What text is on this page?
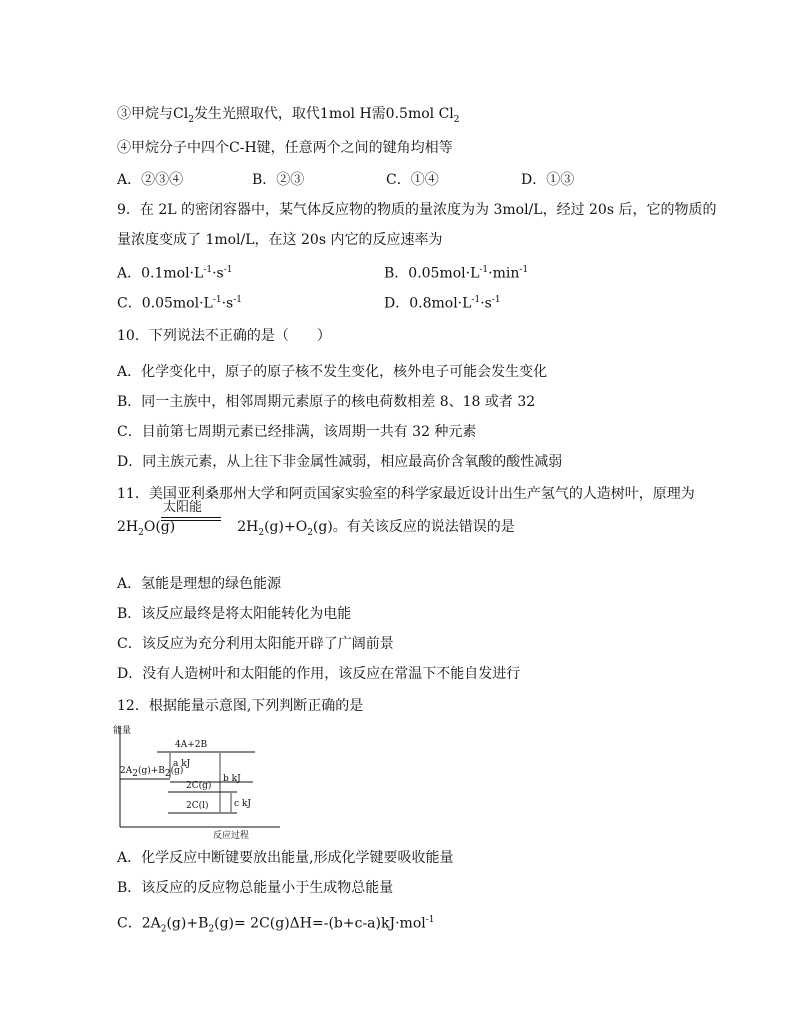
③甲烷与$Cl_2$发生光照取代，取代1mol H需0.5mol $Cl_2$
④甲烷分子中四个C-H键，任意两个之间的键角均相等
A．②③④	B．②③	C．①④	D．①③
9．在 2L 的密闭容器中，某气体反应物的物质的量浓度为为 3mol/L，经过 20s 后，它的物质的
量浓度变成了 1mol/L，在这 20s 内它的反应速率为
A．$0.1mol\cdot L^{-1}\cdot s^{-1}$	B．$0.05mol\cdot L^{-1}\cdot\min^{-1}$
C．$0.05mol\cdot L^{-1}\cdot s^{-1}$	D．$0.8mol\cdot L^{-1}\cdot s^{-1}$
10．下列说法不正确的是（　　）
A．化学变化中，原子的原子核不发生变化，核外电子可能会发生变化
B．同一主族中，相邻周期元素原子的核电荷数相差 8、18 或者 32
C．目前第七周期元素已经排满，该周期一共有 32 种元素
D．同主族元素，从上往下非金属性减弱，相应最高价含氧酸的酸性减弱
11．美国亚利桑那州大学和阿贡国家实验室的科学家最近设计出生产氢气的人造树叶，原理为
$2H_2O(g)$	$2H_2(g)+O_2(g)$。有关该反应的说法错误的是
太阳能
A．氢能是理想的绿色能源
B．该反应最终是将太阳能转化为电能
C．该反应为充分利用太阳能开辟了广阔前景
D．没有人造树叶和太阳能的作用，该反应在常温下不能自发进行
12．根据能量示意图,下列判断正确的是
能量
反应过程
4A+2B
$2A_2(g)+B_2(g)$
2C(g)
2C(l)
a kJ
b kJ
c kJ
A．化学反应中断键要放出能量,形成化学键要吸收能量
B．该反应的反应物总能量小于生成物总能量
C．$2A_2(g)+B_2(g)= 2C(g)\Delta H=-(b+c-a)kJ\cdot mol^{-1}$
